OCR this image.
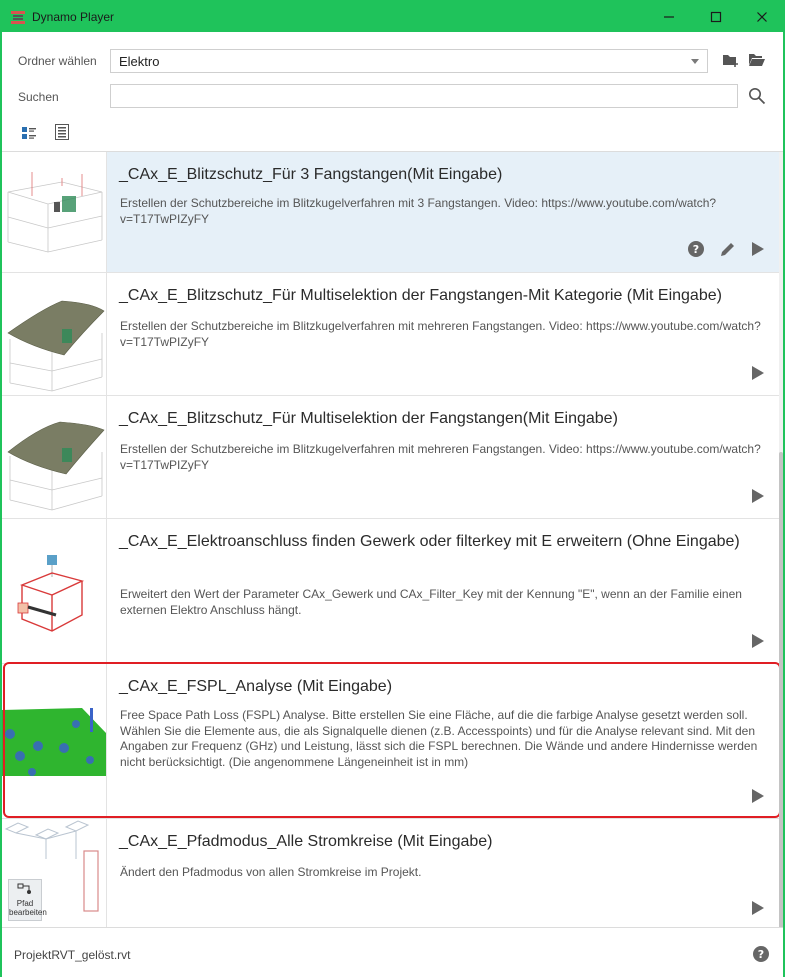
Dynamo Player
Ordner wählen	Elektro
Suchen
_CAx_E_Blitzschutz_Für 3 Fangstangen(Mit Eingabe)
Erstellen der Schutzbereiche im Blitzkugelverfahren mit 3 Fangstangen. Video: https://www.youtube.com/watch?v=T17TwPIZyFY
?
_CAx_E_Blitzschutz_Für Multiselektion der Fangstangen-Mit Kategorie (Mit Eingabe)
Erstellen der Schutzbereiche im Blitzkugelverfahren mit mehreren Fangstangen. Video: https://www.youtube.com/watch?v=T17TwPIZyFY
_CAx_E_Blitzschutz_Für Multiselektion der Fangstangen(Mit Eingabe)
Erstellen der Schutzbereiche im Blitzkugelverfahren mit mehreren Fangstangen. Video: https://www.youtube.com/watch?v=T17TwPIZyFY
_CAx_E_Elektroanschluss finden Gewerk oder filterkey mit E erweitern (Ohne Eingabe)
Erweitert den Wert der Parameter CAx_Gewerk und CAx_Filter_Key mit der Kennung "E", wenn an der Familie einen externen Elektro Anschluss hängt.
_CAx_E_FSPL_Analyse (Mit Eingabe)
Free Space Path Loss (FSPL) Analyse. Bitte erstellen Sie eine Fläche, auf die die farbige Analyse gesetzt werden soll. Wählen Sie die Elemente aus, die als Signalquelle dienen (z.B. Accesspoints) und für die Analyse relevant sind. Mit den Angaben zur Frequenz (GHz) und Leistung, lässt sich die FSPL berechnen. Die Wände und andere Hindernisse werden nicht berücksichtigt. (Die angenommene Längeneinheit ist in mm)
Pfad
bearbeiten
_CAx_E_Pfadmodus_Alle Stromkreise (Mit Eingabe)
Ändert den Pfadmodus von allen Stromkreise im Projekt.
ProjektRVT_gelöst.rvt	?
